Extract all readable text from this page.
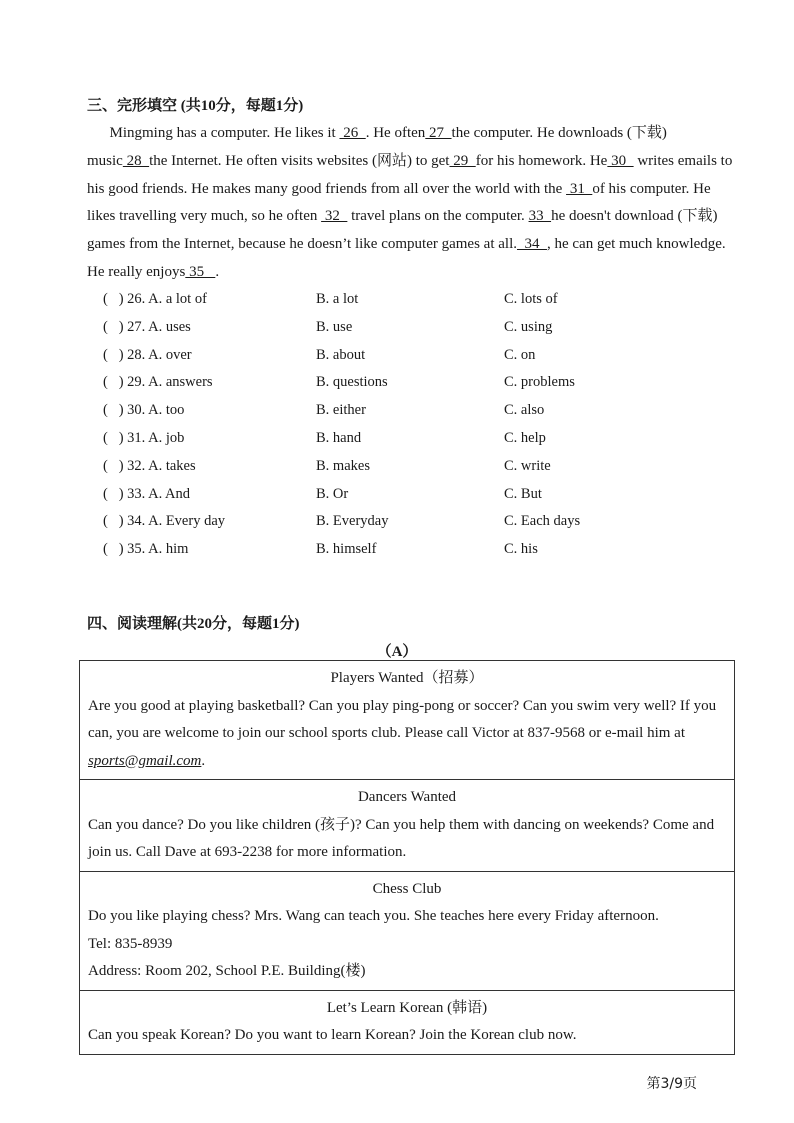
三、完形填空 (共10分，每题1分)

Mingming has a computer. He likes it  26  . He often 27  the computer. He downloads (下载) music 28  the Internet. He often visits websites (网站) to get 29  for his homework. He 30   writes emails to his good friends. He makes many good friends from all over the world with the  31  of his computer. He likes travelling very much, so he often  32   travel plans on the computer. 33  he doesn't download (下载) games from the Internet, because he doesn’t like computer games at all.  34  , he can get much knowledge. He really enjoys 35   .

(   ) 26. A. a lot of	B. a lot	C. lots of
(   ) 27. A. uses	B. use	C. using
(   ) 28. A. over	B. about	C. on
(   ) 29. A. answers	B. questions	C. problems
(   ) 30. A. too	B. either	C. also
(   ) 31. A. job	B. hand	C. help
(   ) 32. A. takes	B. makes	C. write
(   ) 33. A. And	B. Or	C. But
(   ) 34. A. Every day	B. Everyday	C. Each days
(   ) 35. A. him	B. himself	C. his
四、阅读理解(共20分，每题1分)
（A）
Players Wanted（招募）
Are you good at playing basketball? Can you play ping-pong or soccer? Can you swim very well? If you can, you are welcome to join our school sports club. Please call Victor at 837-9568 or e-mail him at sports@gmail.com.

Dancers Wanted
Can you dance? Do you like children (孩子)? Can you help them with dancing on weekends? Come and join us. Call Dave at 693-2238 for more information.

Chess Club
Do you like playing chess? Mrs. Wang can teach you. She teaches here every Friday afternoon.
Tel: 835-8939
Address: Room 202, School P.E. Building(楼)

Let’s Learn Korean (韩语)
Can you speak Korean? Do you want to learn Korean? Join the Korean club now.
第3/9页
